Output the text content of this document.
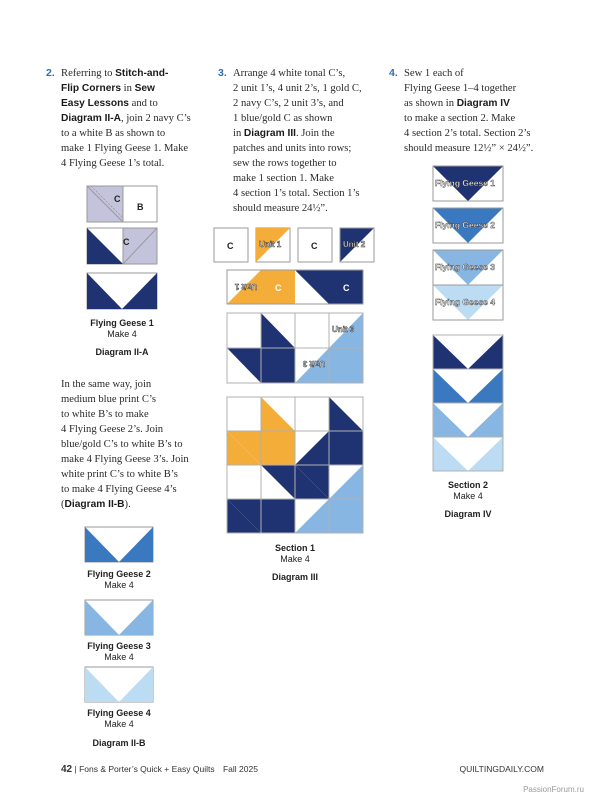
2. Referring to Stitch-and-
Flip Corners in Sew
Easy Lessons and to
Diagram II-A, join 2 navy C’s
to a white B as shown to
make 1 Flying Geese 1. Make
4 Flying Geese 1’s total.
C
B
C
Flying Geese 1
Make 4
Diagram II-A
In the same way, join
medium blue print C’s
to white B’s to make
4 Flying Geese 2’s. Join
blue/gold C’s to white B’s to
make 4 Flying Geese 3’s. Join
white print C’s to white B’s
to make 4 Flying Geese 4’s
(Diagram II-B).
Flying Geese 2
Make 4
Flying Geese 3
Make 4
Flying Geese 4
Make 4
Diagram II-B
3. Arrange 4 white tonal C’s,
2 unit 1’s, 4 unit 2’s, 1 gold C,
2 navy C’s, 2 unit 3’s, and
1 blue/gold C as shown
in Diagram III. Join the
patches and units into rows;
sew the rows together to
make 1 section 1. Make
4 section 1’s total. Section 1’s
should measure 24½”.
C	Unit 1	C	Unit 2
Unit 1 C	C
Unit 3
Unit 3
Section 1
Make 4
Diagram III
4. Sew 1 each of
Flying Geese 1–4 together
as shown in Diagram IV
to make a section 2. Make
4 section 2’s total. Section 2’s
should measure 12½” × 24½”.
Flying Geese 1
Flying Geese 2
Flying Geese 3
Flying Geese 4
Section 2
Make 4
Diagram IV
42 | Fons & Porter’s Quick + Easy Quilts Fall 2025	QUILTINGDAILY.COM
PassionForum.ru
